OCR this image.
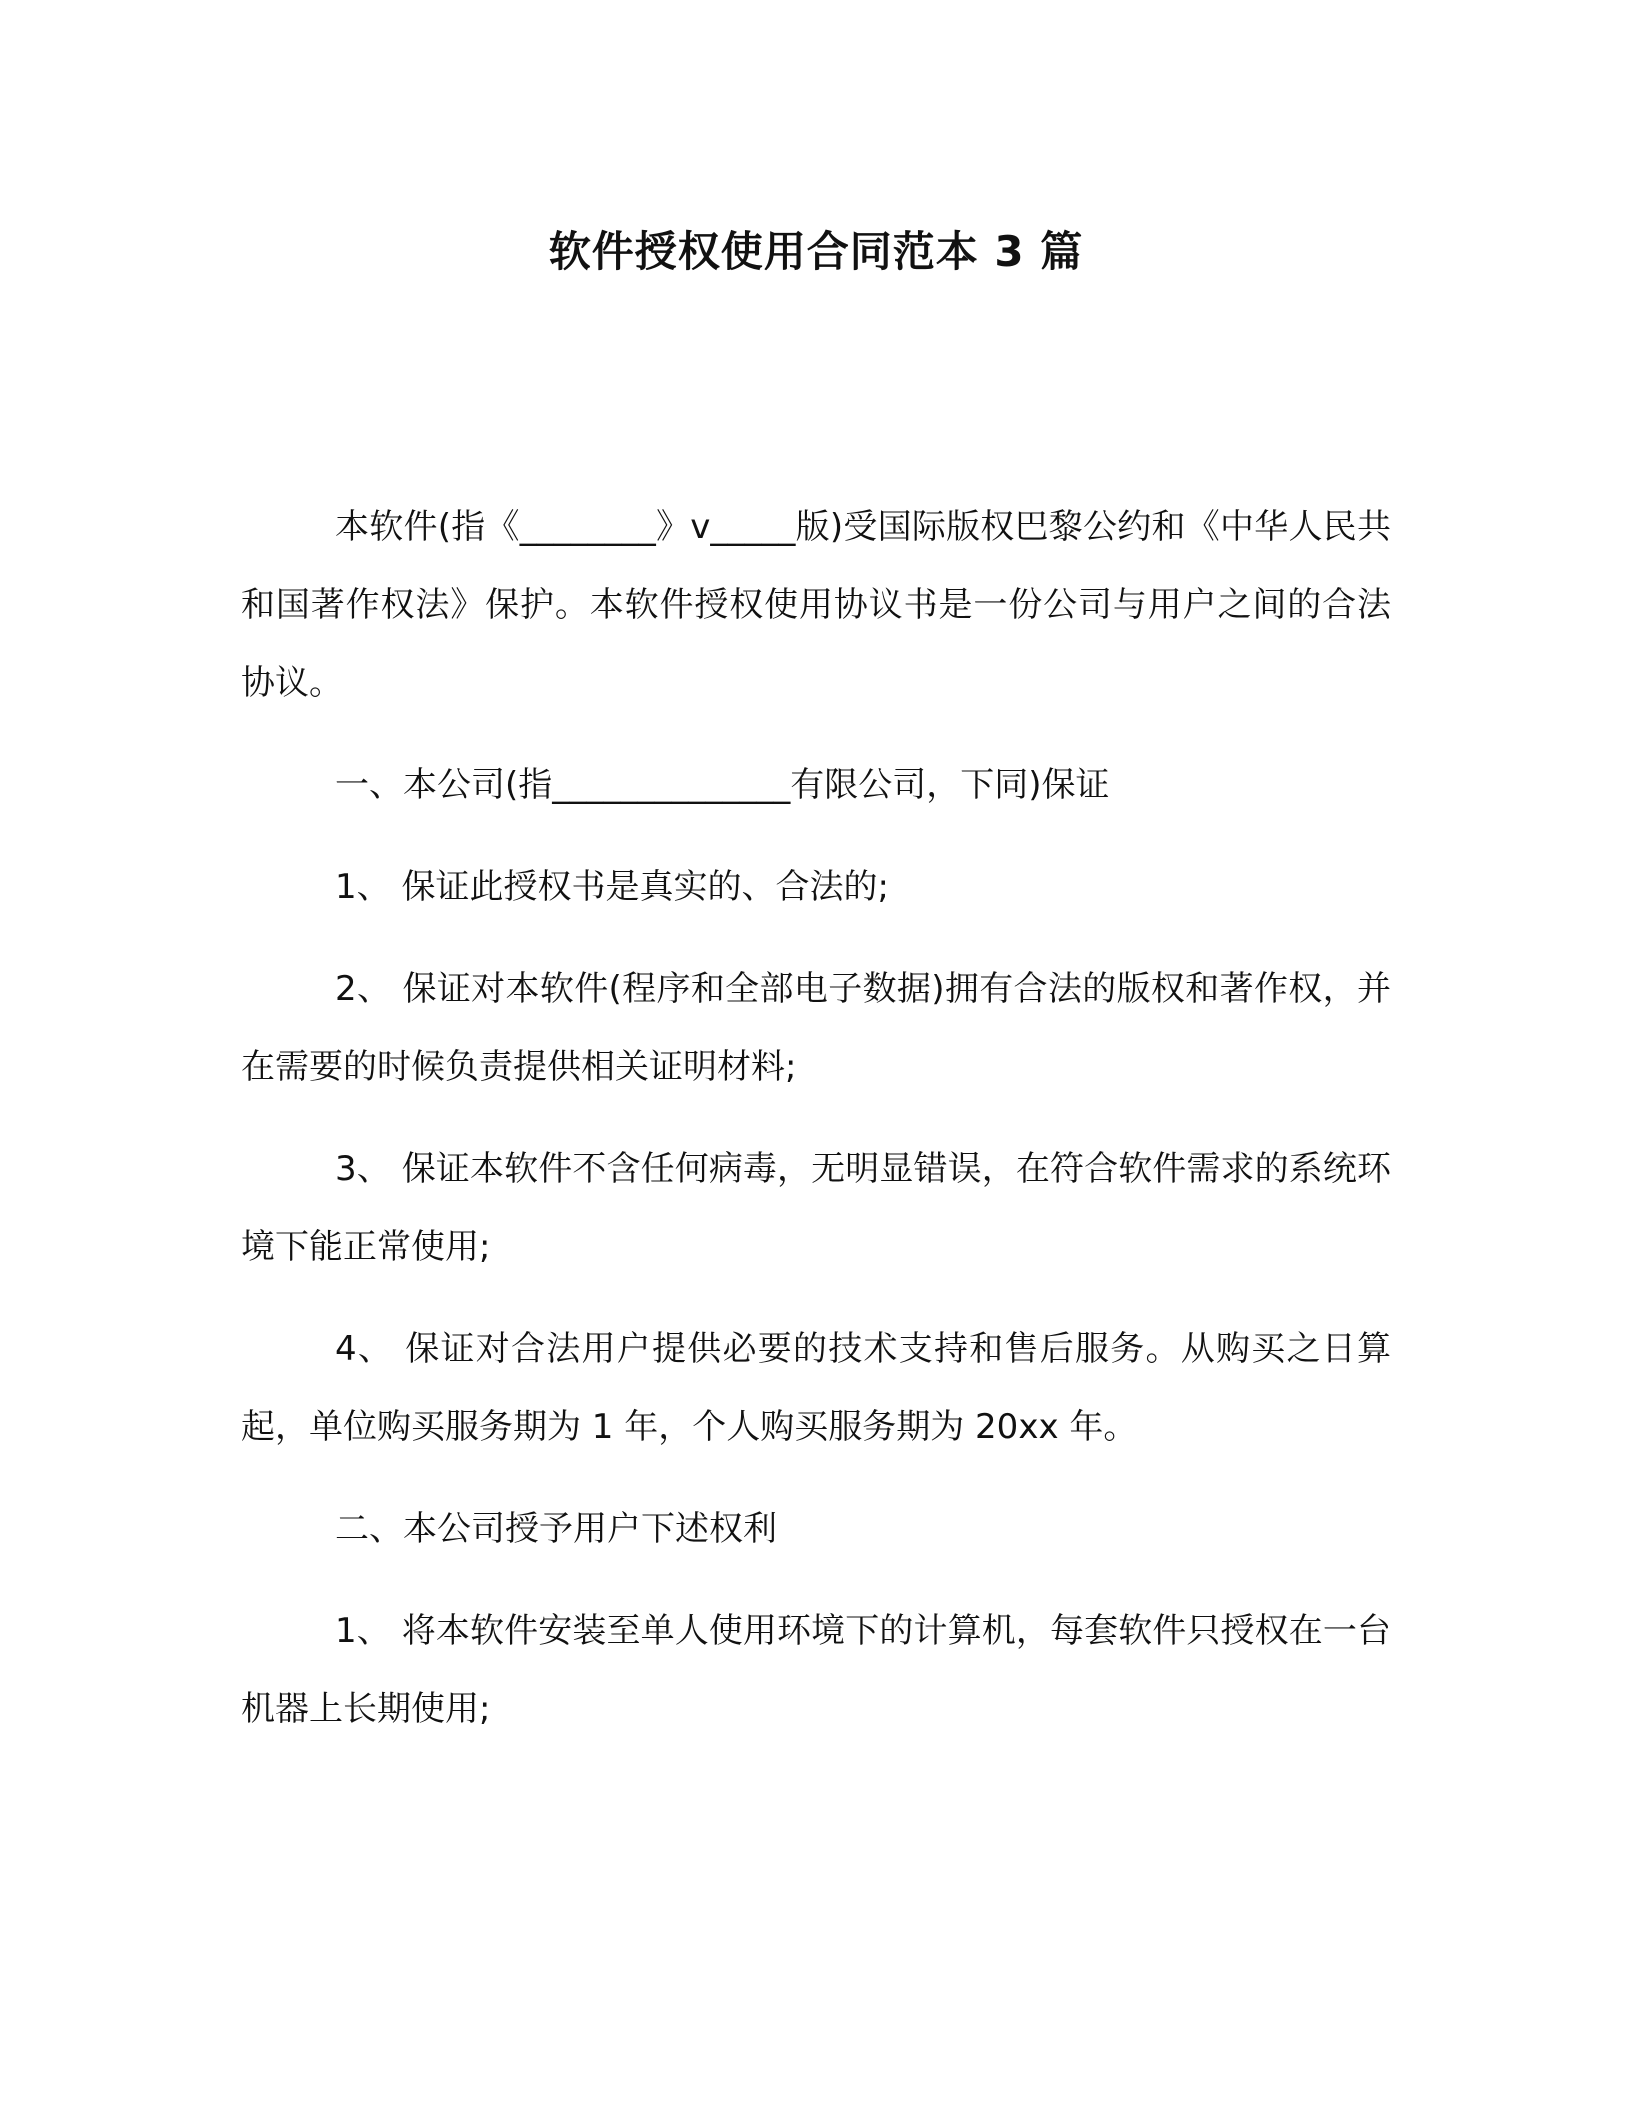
软件授权使用合同范本 3 篇

本软件(指《________》v_____版)受国际版权巴黎公约和《中华人民共和国著作权法》保护。本软件授权使用协议书是一份公司与用户之间的合法协议。

一、本公司(指______________有限公司，下同)保证

1、 保证此授权书是真实的、合法的;

2、 保证对本软件(程序和全部电子数据)拥有合法的版权和著作权，并在需要的时候负责提供相关证明材料;

3、 保证本软件不含任何病毒，无明显错误，在符合软件需求的系统环境下能正常使用;

4、 保证对合法用户提供必要的技术支持和售后服务。从购买之日算起，单位购买服务期为 1 年，个人购买服务期为 20xx 年。

二、本公司授予用户下述权利

1、 将本软件安装至单人使用环境下的计算机，每套软件只授权在一台机器上长期使用;
